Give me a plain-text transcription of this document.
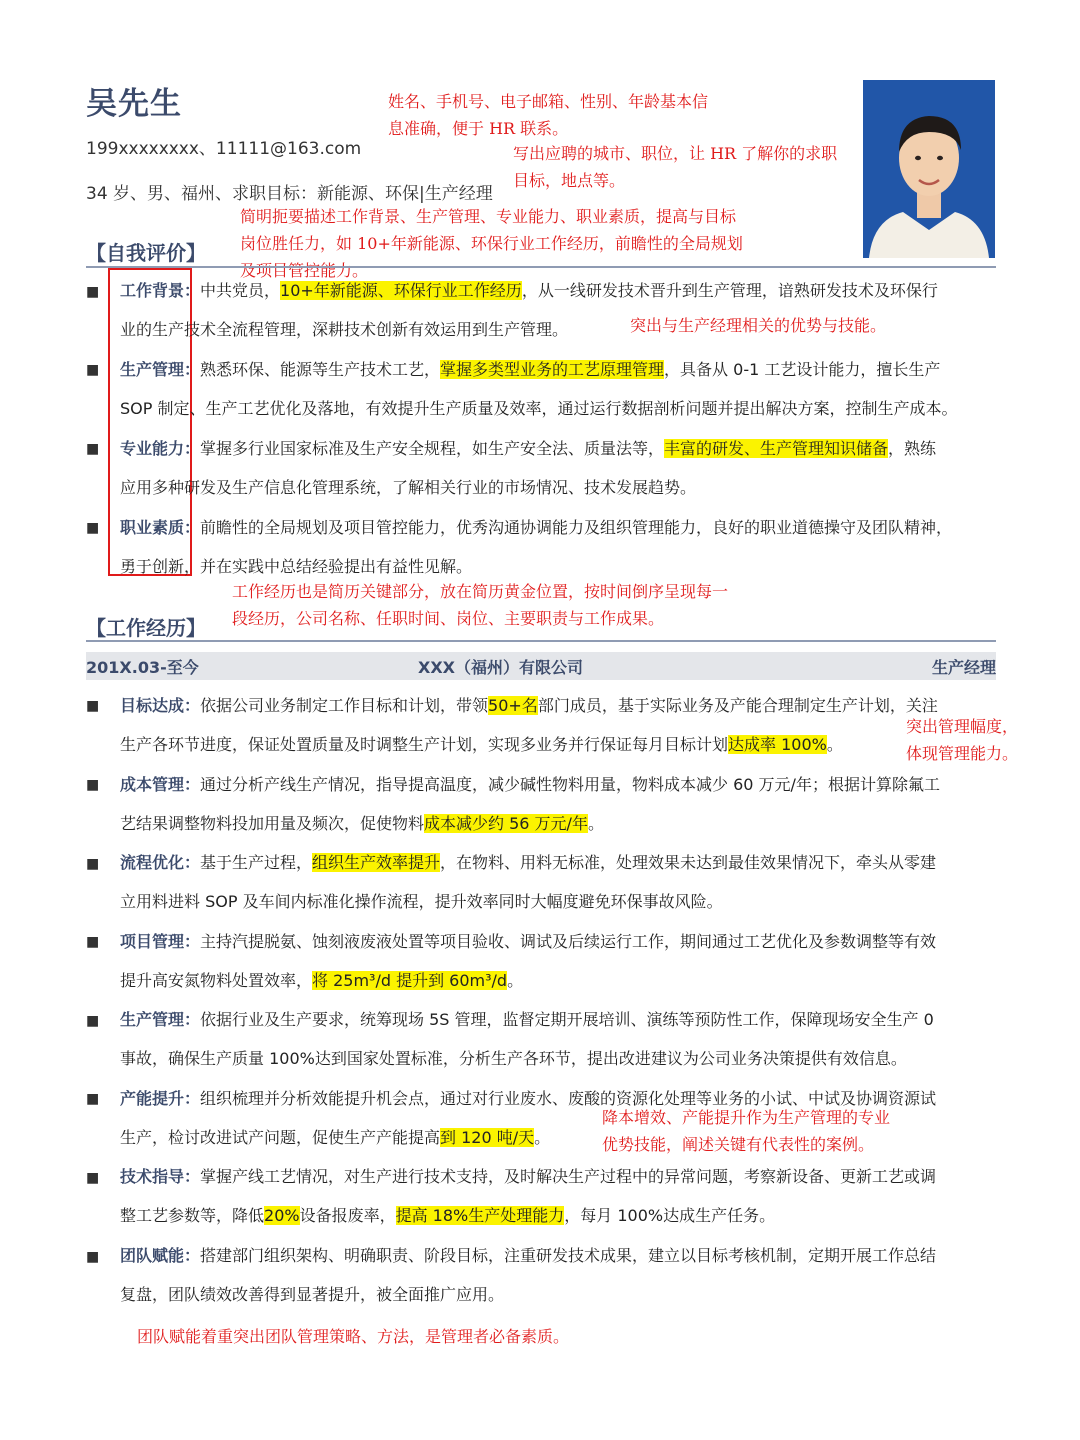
吴先生
199xxxxxxxx、11111@163.com
34 岁、男、福州、求职目标：新能源、环保|生产经理
姓名、手机号、电子邮箱、性别、年龄基本信
息准确，便于 HR 联系。
写出应聘的城市、职位，让 HR 了解你的求职
目标，地点等。
简明扼要描述工作背景、生产管理、专业能力、职业素质，提高与目标
岗位胜任力，如 10+年新能源、环保行业工作经历，前瞻性的全局规划
及项目管控能力。
【自我评价】
■ 工作背景：中共党员，10+年新能源、环保行业工作经历，从一线研发技术晋升到生产管理，谙熟研发技术及环保行
业的生产技术全流程管理，深耕技术创新有效运用到生产管理。	突出与生产经理相关的优势与技能。
■ 生产管理：熟悉环保、能源等生产技术工艺，掌握多类型业务的工艺原理管理，具备从 0-1 工艺设计能力，擅长生产
SOP 制定、生产工艺优化及落地，有效提升生产质量及效率，通过运行数据剖析问题并提出解决方案，控制生产成本。
■ 专业能力：掌握多行业国家标准及生产安全规程，如生产安全法、质量法等，丰富的研发、生产管理知识储备，熟练
应用多种研发及生产信息化管理系统，了解相关行业的市场情况、技术发展趋势。
■ 职业素质：前瞻性的全局规划及项目管控能力，优秀沟通协调能力及组织管理能力，良好的职业道德操守及团队精神，
勇于创新，并在实践中总结经验提出有益性见解。
工作经历也是简历关键部分，放在简历黄金位置，按时间倒序呈现每一
段经历，公司名称、任职时间、岗位、主要职责与工作成果。
【工作经历】
201X.03-至今	XXX（福州）有限公司	生产经理
■ 目标达成：依据公司业务制定工作目标和计划，带领50+名部门成员，基于实际业务及产能合理制定生产计划，关注
生产各环节进度，保证处置质量及时调整生产计划，实现多业务并行保证每月目标计划达成率 100%。
突出管理幅度，
体现管理能力。
■ 成本管理：通过分析产线生产情况，指导提高温度，减少碱性物料用量，物料成本减少 60 万元/年；根据计算除氟工
艺结果调整物料投加用量及频次，促使物料成本减少约 56 万元/年。
■ 流程优化：基于生产过程，组织生产效率提升，在物料、用料无标准，处理效果未达到最佳效果情况下，牵头从零建
立用料进料 SOP 及车间内标准化操作流程，提升效率同时大幅度避免环保事故风险。
■ 项目管理：主持汽提脱氨、蚀刻液废液处置等项目验收、调试及后续运行工作，期间通过工艺优化及参数调整等有效
提升高安氮物料处置效率，将 25m³/d 提升到 60m³/d。
■ 生产管理：依据行业及生产要求，统筹现场 5S 管理，监督定期开展培训、演练等预防性工作，保障现场安全生产 0
事故，确保生产质量 100%达到国家处置标准，分析生产各环节，提出改进建议为公司业务决策提供有效信息。
■ 产能提升：组织梳理并分析效能提升机会点，通过对行业废水、废酸的资源化处理等业务的小试、中试及协调资源试
生产，检讨改进试产问题，促使生产产能提高到 120 吨/天。
降本增效、产能提升作为生产管理的专业
优势技能，阐述关键有代表性的案例。
■ 技术指导：掌握产线工艺情况，对生产进行技术支持，及时解决生产过程中的异常问题，考察新设备、更新工艺或调
整工艺参数等，降低20%设备报废率，提高 18%生产处理能力，每月 100%达成生产任务。
■ 团队赋能：搭建部门组织架构、明确职责、阶段目标，注重研发技术成果，建立以目标考核机制，定期开展工作总结
复盘，团队绩效改善得到显著提升，被全面推广应用。
团队赋能着重突出团队管理策略、方法，是管理者必备素质。
